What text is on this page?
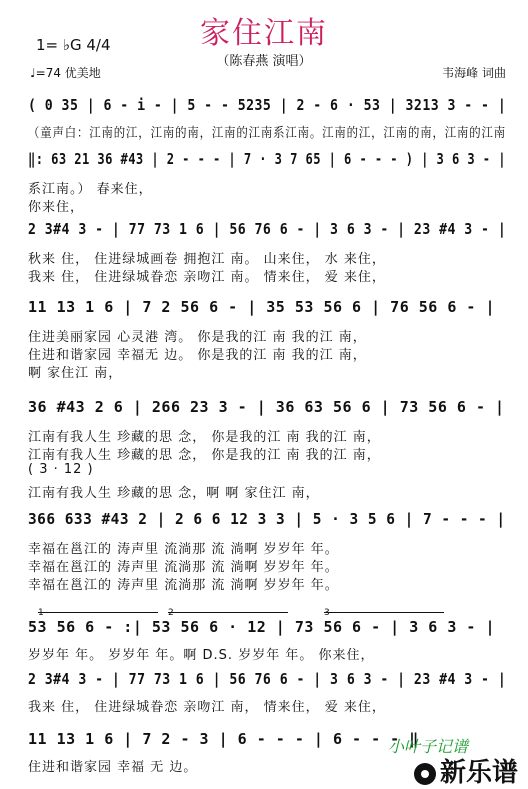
家住江南
（陈春燕 演唱）
1= ♭G 4/4
♩=74 优美地	韦海峰 词曲
( 0 35 | 6 - i - | 5 - - 5235 | 2 - 6 · 53 | 3213 3 - - |
（童声白：江南的江，江南的南，江南的江南系江南。江南的江，江南的南，江南的江南
‖: 63 21 36 #43 | 2 - - - | 7 · 3 7 65 | 6 - - - ) | 3 6 3 - |
系江南。） 春来住，
你来住，
2 3#4 3 - | 77 73 1 6 | 56 76 6 - | 3 6 3 - | 23 #4 3 - |
秋来 住， 住进绿城画卷 拥抱江 南。 山来住， 水 来住，
我来 住， 住进绿城眷恋 亲吻江 南。 情来住， 爱 来住，
11 13 1 6 | 7 2 56 6 - | 35 53 56 6 | 76 56 6 - |
住进美丽家园 心灵港 湾。 你是我的江 南 我的江 南，
住进和谐家园 幸福无 边。 你是我的江 南 我的江 南，
啊 家住江 南，
36 #43 2 6 | 266 23 3 - | 36 63 56 6 | 73 56 6 - |
江南有我人生 珍藏的思 念， 你是我的江 南 我的江 南，
江南有我人生 珍藏的思 念， 你是我的江 南 我的江 南，
( 3 · 12 )
江南有我人生 珍藏的思 念，啊 啊 家住江 南，
366 633 #43 2 | 2 6 6 12 3 3 | 5 · 3 5 6 | 7 - - - |
幸福在邕江的 涛声里 流淌那 流 淌啊 岁岁年 年。
幸福在邕江的 涛声里 流淌那 流 淌啊 岁岁年 年。
幸福在邕江的 涛声里 流淌那 流 淌啊 岁岁年 年。
1	2	3
53 56 6 - :| 53 56 6 · 12 | 73 56 6 - | 3 6 3 - |
岁岁年 年。 岁岁年 年。啊 D.S. 岁岁年 年。 你来住，
2 3#4 3 - | 77 73 1 6 | 56 76 6 - | 3 6 3 - | 23 #4 3 - |
我来 住， 住进绿城眷恋 亲吻江 南， 情来住， 爱 来住，
11 13 1 6 | 7 2 - 3 | 6 - - - | 6 - - - ‖
住进和谐家园 幸福 无 边。
小叶子记谱
新乐谱
